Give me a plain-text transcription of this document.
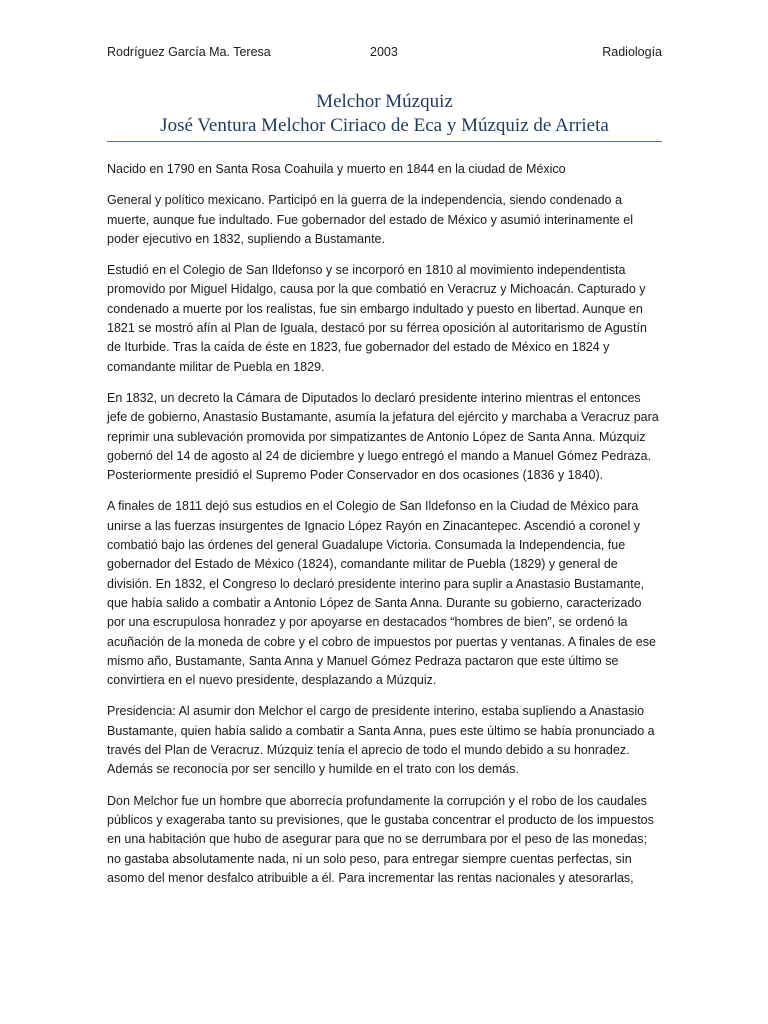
Rodríguez García Ma. Teresa	2003	Radiología
Melchor Múzquiz
José Ventura Melchor Ciriaco de Eca y Múzquiz de Arrieta

Nacido en 1790 en Santa Rosa Coahuila y muerto en 1844 en la ciudad de México

General y político mexicano. Participó en la guerra de la independencia, siendo condenado a muerte, aunque fue indultado. Fue gobernador del estado de México y asumió interinamente el poder ejecutivo en 1832, supliendo a Bustamante.

Estudió en el Colegio de San Ildefonso y se incorporó en 1810 al movimiento independentista promovido por Miguel Hidalgo, causa por la que combatió en Veracruz y Michoacán. Capturado y condenado a muerte por los realistas, fue sin embargo indultado y puesto en libertad. Aunque en 1821 se mostró afín al Plan de Iguala, destacó por su férrea oposición al autoritarismo de Agustín de Iturbide. Tras la caída de éste en 1823, fue gobernador del estado de México en 1824 y comandante militar de Puebla en 1829.

En 1832, un decreto la Cámara de Diputados lo declaró presidente interino mientras el entonces jefe de gobierno, Anastasio Bustamante, asumía la jefatura del ejército y marchaba a Veracruz para reprimir una sublevación promovida por simpatizantes de Antonio López de Santa Anna. Múzquiz gobernó del 14 de agosto al 24 de diciembre y luego entregó el mando a Manuel Gómez Pedraza. Posteriormente presidió el Supremo Poder Conservador en dos ocasiones (1836 y 1840).

A finales de 1811 dejó sus estudios en el Colegio de San Ildefonso en la Ciudad de México para unirse a las fuerzas insurgentes de Ignacio López Rayón en Zinacantepec. Ascendió a coronel y combatió bajo las órdenes del general Guadalupe Victoria. Consumada la Independencia, fue gobernador del Estado de México (1824), comandante militar de Puebla (1829) y general de división. En 1832, el Congreso lo declaró presidente interino para suplir a Anastasio Bustamante, que había salido a combatir a Antonio López de Santa Anna. Durante su gobierno, caracterizado por una escrupulosa honradez y por apoyarse en destacados “hombres de bien”, se ordenó la acuñación de la moneda de cobre y el cobro de impuestos por puertas y ventanas. A finales de ese mismo año, Bustamante, Santa Anna y Manuel Gómez Pedraza pactaron que este último se convirtiera en el nuevo presidente, desplazando a Múzquiz.

Presidencia: Al asumir don Melchor el cargo de presidente interino, estaba supliendo a Anastasio Bustamante, quien había salido a combatir a Santa Anna, pues este último se había pronunciado a través del Plan de Veracruz. Múzquiz tenía el aprecio de todo el mundo debido a su honradez. Además se reconocía por ser sencillo y humilde en el trato con los demás.

Don Melchor fue un hombre que aborrecía profundamente la corrupción y el robo de los caudales públicos y exageraba tanto su previsiones, que le gustaba concentrar el producto de los impuestos en una habitación que hubo de asegurar para que no se derrumbara por el peso de las monedas; no gastaba absolutamente nada, ni un solo peso, para entregar siempre cuentas perfectas, sin asomo del menor desfalco atribuible a él. Para incrementar las rentas nacionales y atesorarlas,
